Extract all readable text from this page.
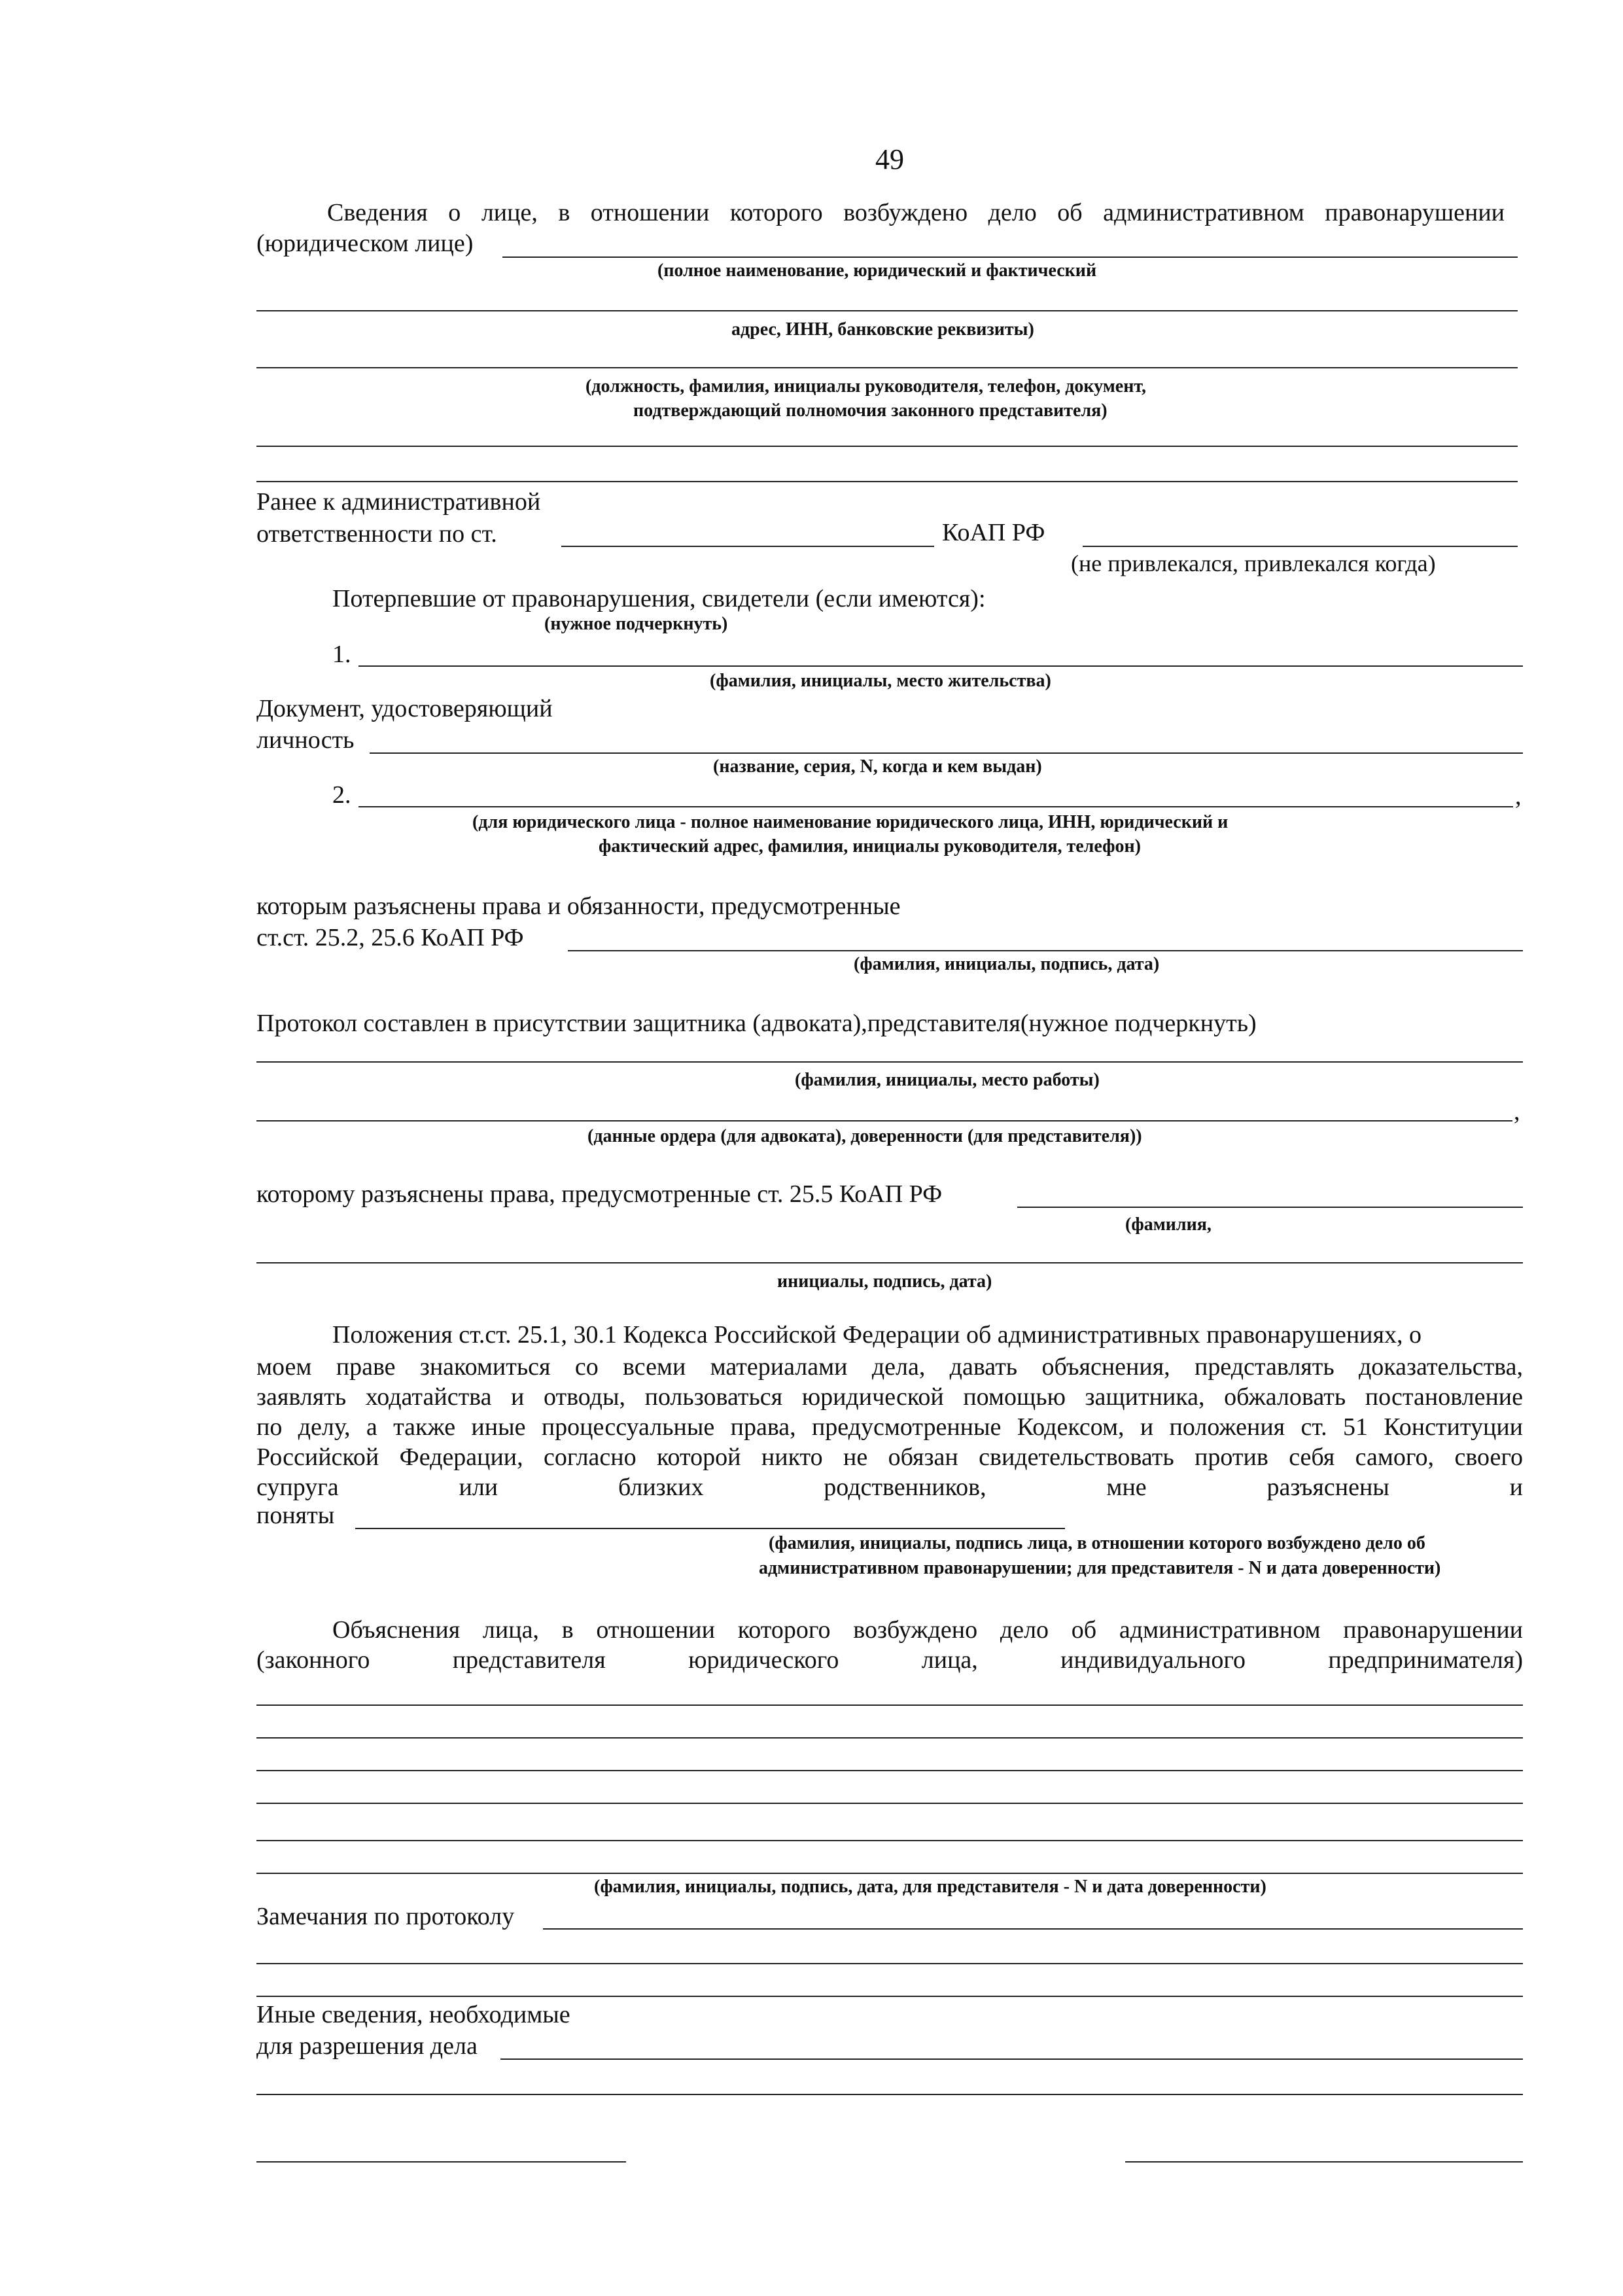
49
Сведения о лице, в отношении которого возбуждено дело об административном правонарушении
(юридическом лице)
(полное наименование, юридический и фактический
адрес, ИНН, банковские реквизиты)
(должность, фамилия, инициалы руководителя, телефон, документ,
подтверждающий полномочия законного представителя)
Ранее к административной
ответственности по ст.	КоАП РФ
(не привлекался, привлекался когда)
Потерпевшие от правонарушения, свидетели (если имеются):
(нужное подчеркнуть)
1.
(фамилия, инициалы, место жительства)
Документ, удостоверяющий
личность
(название, серия, N, когда и кем выдан)
2.	,
(для юридического лица - полное наименование юридического лица, ИНН, юридический и
фактический адрес, фамилия, инициалы руководителя, телефон)
которым разъяснены права и обязанности, предусмотренные
ст.ст. 25.2, 25.6 КоАП РФ
(фамилия, инициалы, подпись, дата)
Протокол составлен в присутствии защитника (адвоката),представителя(нужное подчеркнуть)
(фамилия, инициалы, место работы)
,
(данные ордера (для адвоката), доверенности (для представителя))
которому разъяснены права, предусмотренные ст. 25.5 КоАП РФ
(фамилия,
инициалы, подпись, дата)
Положения ст.ст. 25.1, 30.1 Кодекса Российской Федерации об административных правонарушениях, о
моем праве знакомиться со всеми материалами дела, давать объяснения, представлять доказательства,
заявлять ходатайства и отводы, пользоваться юридической помощью защитника, обжаловать постановление
по делу, а также иные процессуальные права, предусмотренные Кодексом, и положения ст. 51 Конституции
Российской Федерации, согласно которой никто не обязан свидетельствовать против себя самого, своего
супруга или близких родственников, мне разъяснены и
поняты
(фамилия, инициалы, подпись лица, в отношении которого возбуждено дело об
административном правонарушении; для представителя - N и дата доверенности)
Объяснения лица, в отношении которого возбуждено дело об административном правонарушении
(законного представителя юридического лица, индивидуального предпринимателя)
(фамилия, инициалы, подпись, дата, для представителя - N и дата доверенности)
Замечания по протоколу
Иные сведения, необходимые
для разрешения дела
